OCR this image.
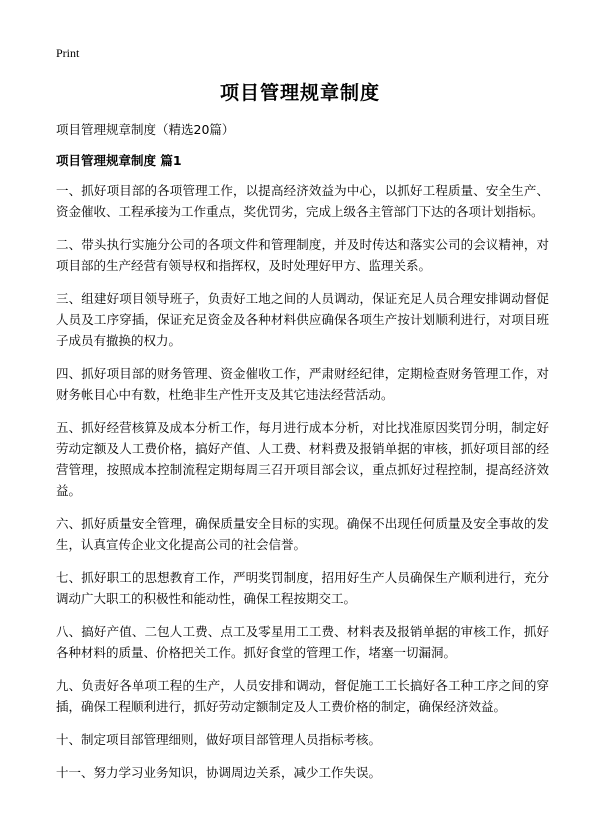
Print
项目管理规章制度
项目管理规章制度（精选20篇）
项目管理规章制度 篇1

一、抓好项目部的各项管理工作，以提高经济效益为中心，以抓好工程质量、安全生产、资金催收、工程承接为工作重点，奖优罚劣，完成上级各主管部门下达的各项计划指标。

二、带头执行实施分公司的各项文件和管理制度，并及时传达和落实公司的会议精神，对项目部的生产经营有领导权和指挥权，及时处理好甲方、监理关系。

三、组建好项目领导班子，负责好工地之间的人员调动，保证充足人员合理安排调动督促人员及工序穿插，保证充足资金及各种材料供应确保各项生产按计划顺利进行，对项目班子成员有撤换的权力。

四、抓好项目部的财务管理、资金催收工作，严肃财经纪律，定期检查财务管理工作，对财务帐目心中有数，杜绝非生产性开支及其它违法经营活动。

五、抓好经营核算及成本分析工作，每月进行成本分析，对比找准原因奖罚分明，制定好劳动定额及人工费价格，搞好产值、人工费、材料费及报销单据的审核，抓好项目部的经营管理，按照成本控制流程定期每周三召开项目部会议，重点抓好过程控制，提高经济效益。

六、抓好质量安全管理，确保质量安全目标的实现。确保不出现任何质量及安全事故的发生，认真宣传企业文化提高公司的社会信誉。

七、抓好职工的思想教育工作，严明奖罚制度，招用好生产人员确保生产顺利进行，充分调动广大职工的积极性和能动性，确保工程按期交工。

八、搞好产值、二包人工费、点工及零星用工工费、材料表及报销单据的审核工作，抓好各种材料的质量、价格把关工作。抓好食堂的管理工作，堵塞一切漏洞。

九、负责好各单项工程的生产，人员安排和调动，督促施工工长搞好各工种工序之间的穿插，确保工程顺利进行，抓好劳动定额制定及人工费价格的制定，确保经济效益。

十、制定项目部管理细则，做好项目部管理人员指标考核。

十一、努力学习业务知识，协调周边关系，减少工作失误。
